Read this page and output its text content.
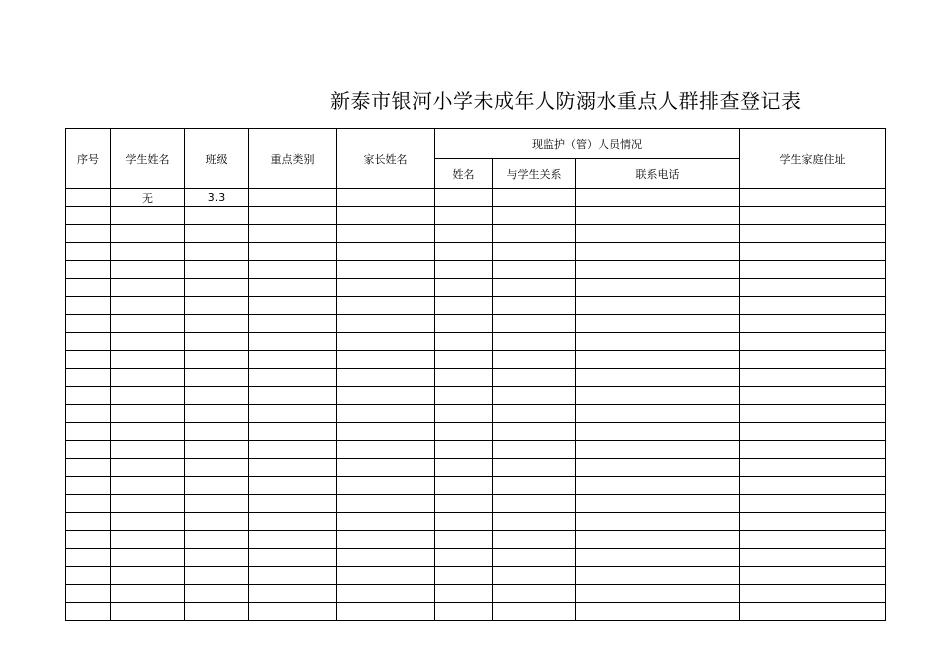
新泰市银河小学未成年人防溺水重点人群排查登记表
序号	学生姓名	班级	重点类别	家长姓名	现监护（管）人员情况			学生家庭住址
					姓名	与学生关系	联系电话	
	无	3.3						
